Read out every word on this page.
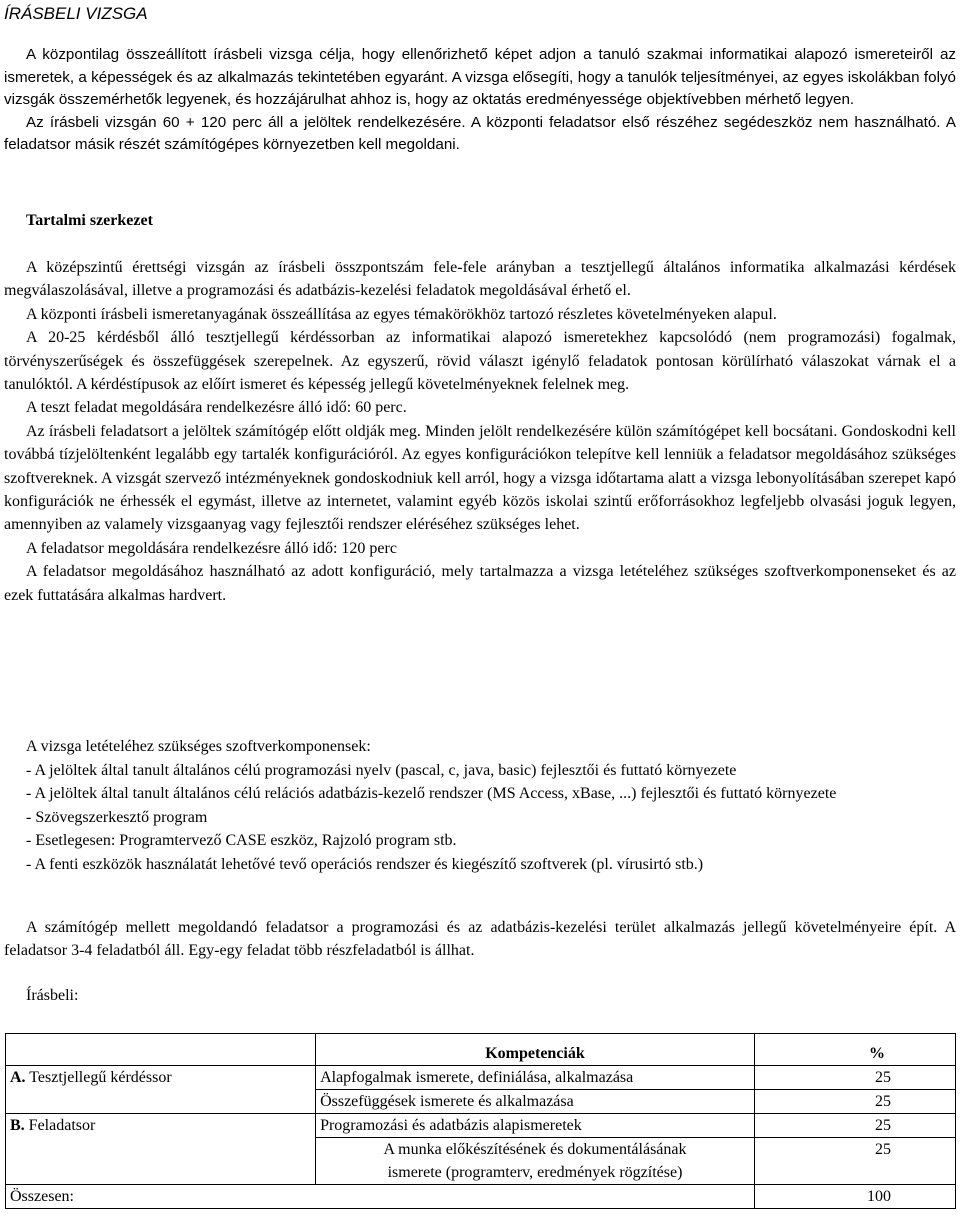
ÍRÁSBELI VIZSGA

A központilag összeállított írásbeli vizsga célja, hogy ellenőrizhető képet adjon a tanuló szakmai informatikai alapozó ismereteiről az ismeretek, a képességek és az alkalmazás tekintetében egyaránt. A vizsga elősegíti, hogy a tanulók teljesítményei, az egyes iskolákban folyó vizsgák összemérhetők legyenek, és hozzájárulhat ahhoz is, hogy az oktatás eredményessége objektívebben mérhető legyen.

Az írásbeli vizsgán 60 + 120 perc áll a jelöltek rendelkezésére. A központi feladatsor első részéhez segédeszköz nem használható. A feladatsor másik részét számítógépes környezetben kell megoldani.

Tartalmi szerkezet

A középszintű érettségi vizsgán az írásbeli összpontszám fele-fele arányban a tesztjellegű általános informatika alkalmazási kérdések megválaszolásával, illetve a programozási és adatbázis-kezelési feladatok megoldásával érhető el.

A központi írásbeli ismeretanyagának összeállítása az egyes témakörökhöz tartozó részletes követelményeken alapul.

A 20-25 kérdésből álló tesztjellegű kérdéssorban az informatikai alapozó ismeretekhez kapcsolódó (nem programozási) fogalmak, törvényszerűségek és összefüggések szerepelnek. Az egyszerű, rövid választ igénylő feladatok pontosan körülírható válaszokat várnak el a tanulóktól. A kérdéstípusok az előírt ismeret és képesség jellegű követelményeknek felelnek meg.

A teszt feladat megoldására rendelkezésre álló idő: 60 perc.

Az írásbeli feladatsort a jelöltek számítógép előtt oldják meg. Minden jelölt rendelkezésére külön számítógépet kell bocsátani. Gondoskodni kell továbbá tízjelöltenként legalább egy tartalék konfigurációról. Az egyes konfigurációkon telepítve kell lenniük a feladatsor megoldásához szükséges szoftvereknek. A vizsgát szervező intézményeknek gondoskodniuk kell arról, hogy a vizsga időtartama alatt a vizsga lebonyolításában szerepet kapó konfigurációk ne érhessék el egymást, illetve az internetet, valamint egyéb közös iskolai szintű erőforrásokhoz legfeljebb olvasási joguk legyen, amennyiben az valamely vizsgaanyag vagy fejlesztői rendszer eléréséhez szükséges lehet.

A feladatsor megoldására rendelkezésre álló idő: 120 perc

A feladatsor megoldásához használható az adott konfiguráció, mely tartalmazza a vizsga letételéhez szükséges szoftverkomponenseket és az ezek futtatására alkalmas hardvert.

A vizsga letételéhez szükséges szoftverkomponensek:

- A jelöltek által tanult általános célú programozási nyelv (pascal, c, java, basic) fejlesztői és futtató környezete
- A jelöltek által tanult általános célú relációs adatbázis-kezelő rendszer (MS Access, xBase, ...) fejlesztői és futtató környezete
- Szövegszerkesztő program
- Esetlegesen: Programtervező CASE eszköz, Rajzoló program stb.
- A fenti eszközök használatát lehetővé tevő operációs rendszer és kiegészítő szoftverek (pl. vírusirtó stb.)

A számítógép mellett megoldandó feladatsor a programozási és az adatbázis-kezelési terület alkalmazás jellegű követelményeire épít. A feladatsor 3-4 feladatból áll. Egy-egy feladat több részfeladatból is állhat.

Írásbeli:

	Kompetenciák	%
A. Tesztjellegű kérdéssor	Alapfogalmak ismerete, definiálása, alkalmazása	25
	Összefüggések ismerete és alkalmazása	25
B. Feladatsor	Programozási és adatbázis alapismeretek	25
	A munka előkészítésének és dokumentálásának
ismerete (programterv, eredmények rögzítése)	25
Összesen:		100
